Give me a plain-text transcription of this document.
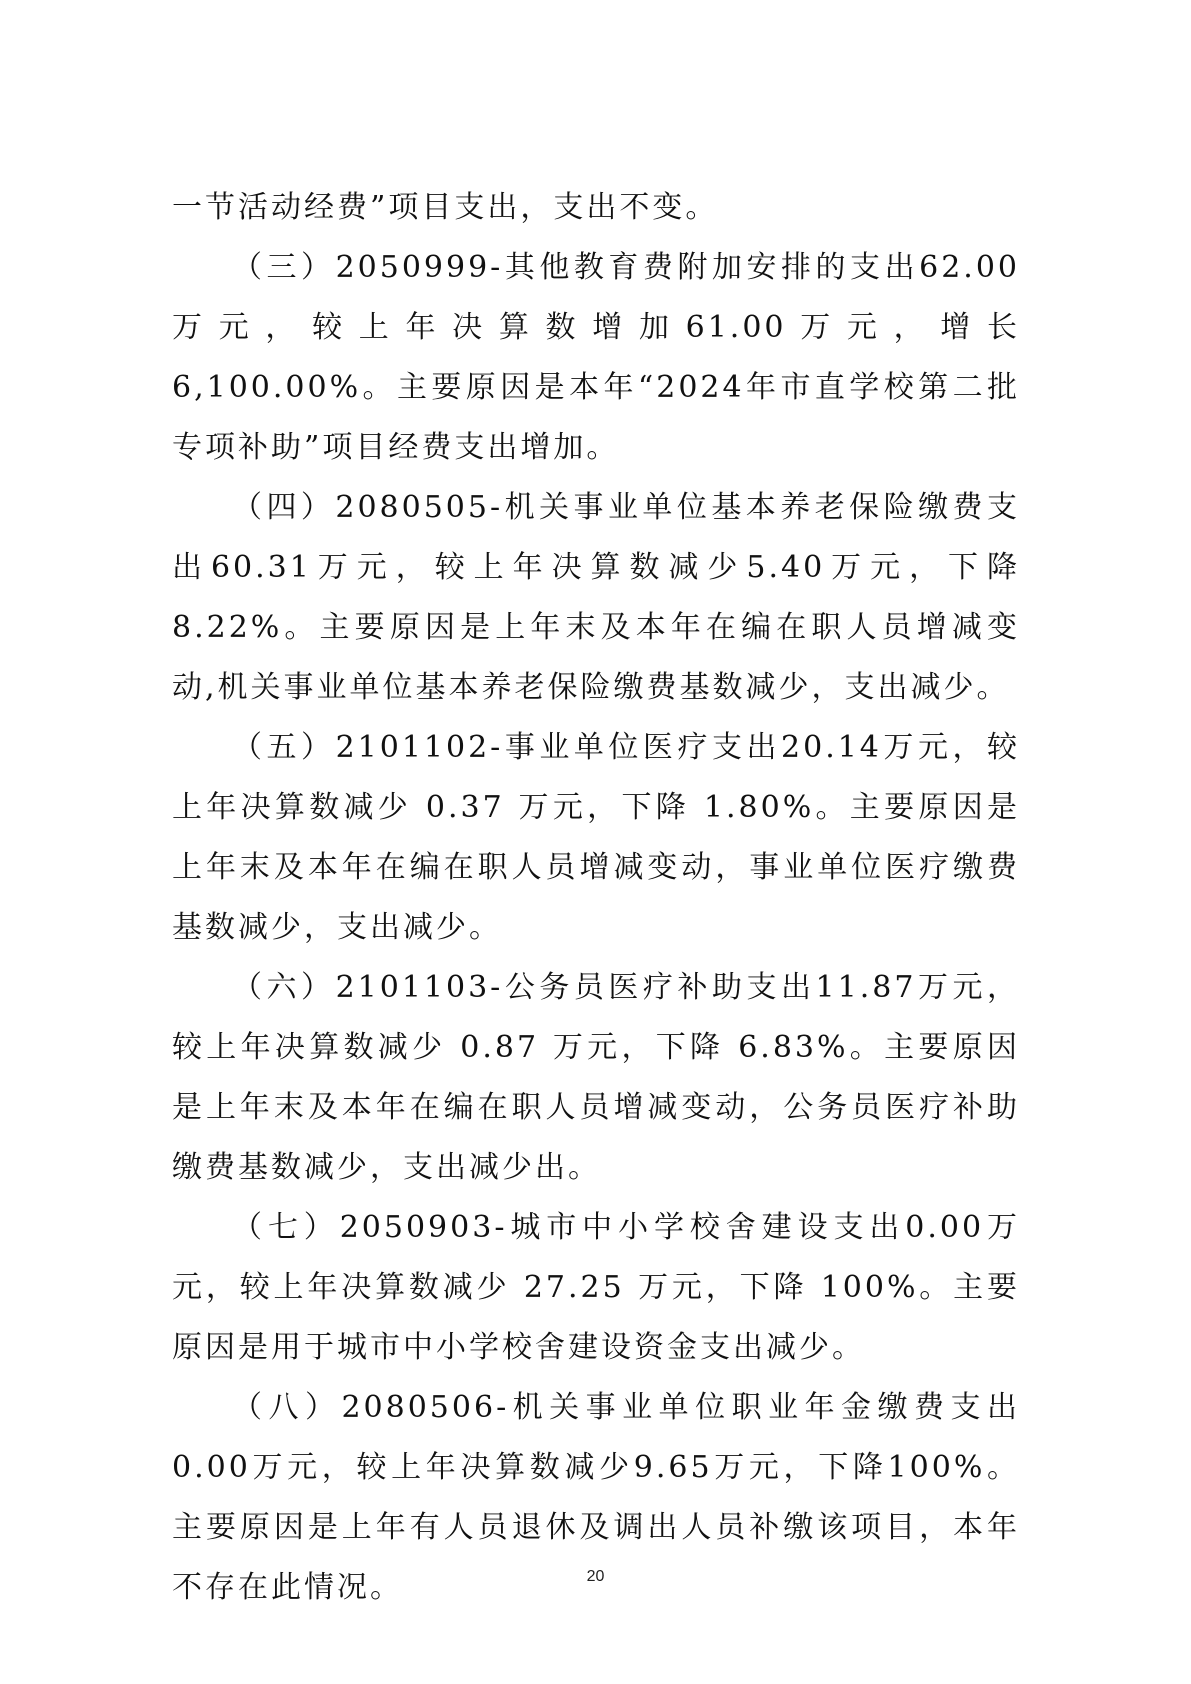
一节活动经费”项目支出，支出不变。

（三）2050999-其他教育费附加安排的支出62.00万元，较上年决算数增加61.00万元，增长6,100.00%。主要原因是本年“2024年市直学校第二批专项补助”项目经费支出增加。

（四）2080505-机关事业单位基本养老保险缴费支出60.31万元，较上年决算数减少5.40万元，下降8.22%。主要原因是上年末及本年在编在职人员增减变动,机关事业单位基本养老保险缴费基数减少，支出减少。

（五）2101102-事业单位医疗支出20.14万元，较上年决算数减少 0.37 万元，下降 1.80%。主要原因是上年末及本年在编在职人员增减变动，事业单位医疗缴费基数减少，支出减少。

（六）2101103-公务员医疗补助支出11.87万元，较上年决算数减少 0.87 万元，下降 6.83%。主要原因是上年末及本年在编在职人员增减变动，公务员医疗补助缴费基数减少，支出减少出。

（七）2050903-城市中小学校舍建设支出0.00万元，较上年决算数减少 27.25 万元，下降 100%。主要原因是用于城市中小学校舍建设资金支出减少。

（八）2080506-机关事业单位职业年金缴费支出0.00万元，较上年决算数减少9.65万元，下降100%。主要原因是上年有人员退休及调出人员补缴该项目，本年不存在此情况。	20
